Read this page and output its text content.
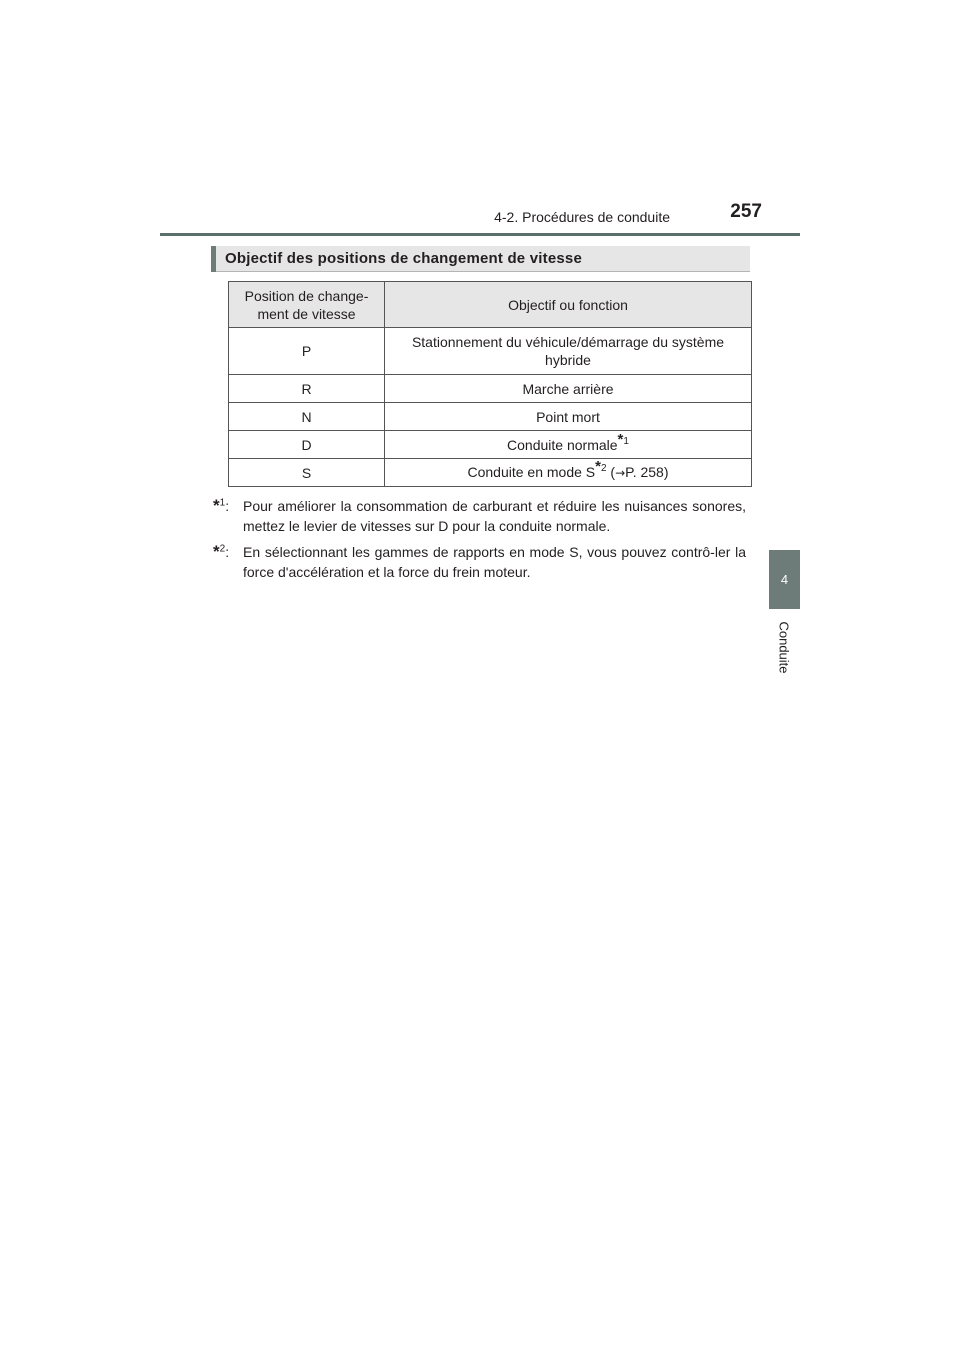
4-2. Procédures de conduite	257
4
Conduite
Objectif des positions de changement de vitesse
Position de change-
ment de vitesse	Objectif ou fonction
P	Stationnement du véhicule/démarrage du système
hybride
R	Marche arrière
N	Point mort
D	Conduite normale$^{*1}$
S	Conduite en mode $S^{*2}$ (→P. 258)
*$^1$: Pour améliorer la consommation de carburant et réduire les nuisances sonores, mettez le levier de vitesses sur D pour la conduite normale.
*$^2$: En sélectionnant les gammes de rapports en mode S, vous pouvez contrô-ler la force d'accélération et la force du frein moteur.
